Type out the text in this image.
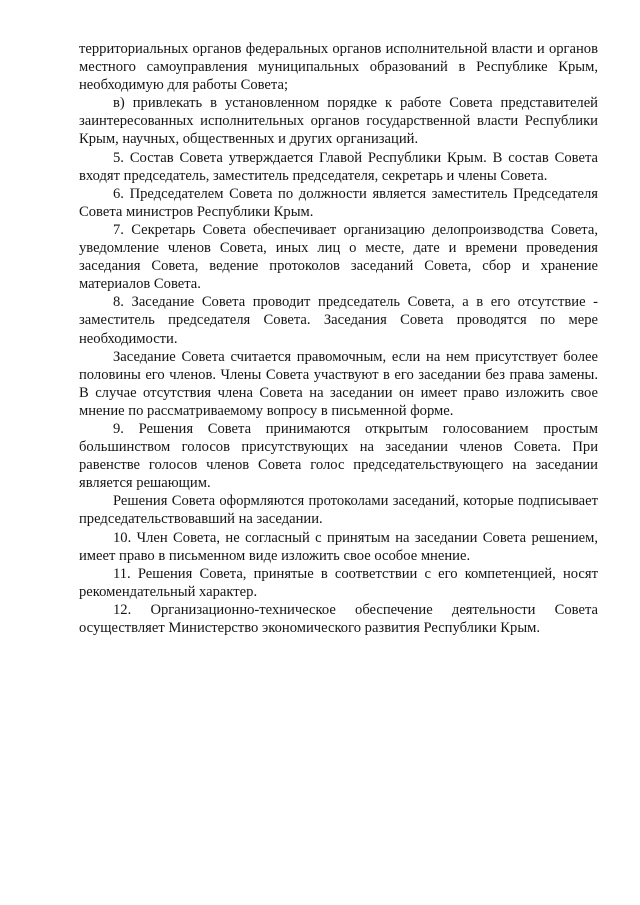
территориальных органов федеральных органов исполнительной власти и органов местного самоуправления муниципальных образований в Республике Крым, необходимую для работы Совета;

в) привлекать в установленном порядке к работе Совета представителей заинтересованных исполнительных органов государственной власти Республики Крым, научных, общественных и других организаций.

5. Состав Совета утверждается Главой Республики Крым. В состав Совета входят председатель, заместитель председателя, секретарь и члены Совета.

6. Председателем Совета по должности является заместитель Председателя Совета министров Республики Крым.

7. Секретарь Совета обеспечивает организацию делопроизводства Совета, уведомление членов Совета, иных лиц о месте, дате и времени проведения заседания Совета, ведение протоколов заседаний Совета, сбор и хранение материалов Совета.

8. Заседание Совета проводит председатель Совета, а в его отсутствие - заместитель председателя Совета. Заседания Совета проводятся по мере необходимости.

Заседание Совета считается правомочным, если на нем присутствует более половины его членов. Члены Совета участвуют в его заседании без права замены. В случае отсутствия члена Совета на заседании он имеет право изложить свое мнение по рассматриваемому вопросу в письменной форме.

9. Решения Совета принимаются открытым голосованием простым большинством голосов присутствующих на заседании членов Совета. При равенстве голосов членов Совета голос председательствующего на заседании является решающим.

Решения Совета оформляются протоколами заседаний, которые подписывает председательствовавший на заседании.

10. Член Совета, не согласный с принятым на заседании Совета решением, имеет право в письменном виде изложить свое особое мнение.

11. Решения Совета, принятые в соответствии с его компетенцией, носят рекомендательный характер.

12. Организационно-техническое обеспечение деятельности Совета осуществляет Министерство экономического развития Республики Крым.
